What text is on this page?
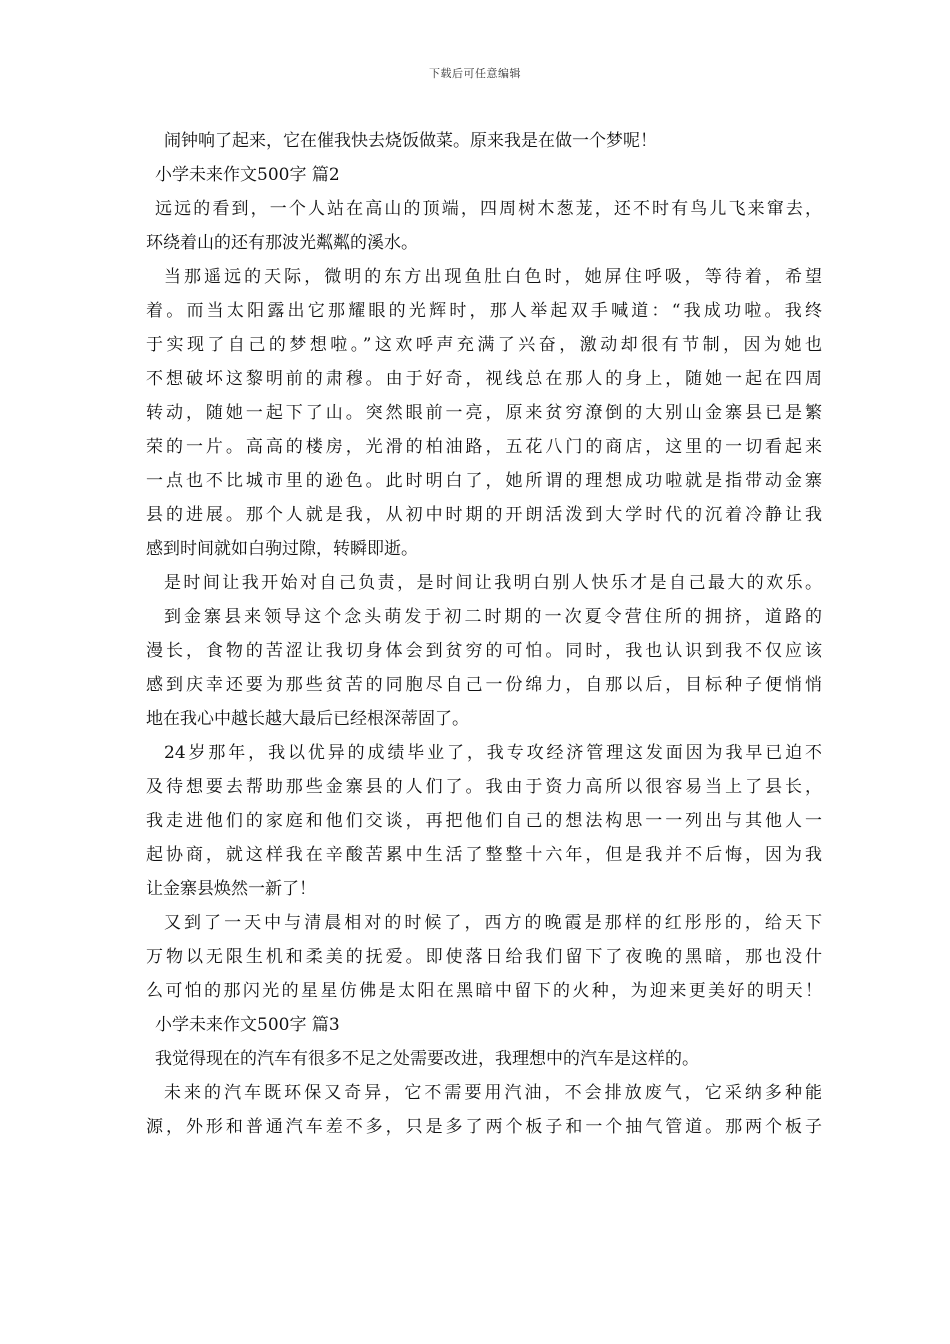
下载后可任意编辑
闹钟响了起来，它在催我快去烧饭做菜。原来我是在做一个梦呢！
小学未来作文500字 篇2
远远的看到，一个人站在高山的顶端，四周树木葱茏，还不时有鸟儿飞来窜去，
环绕着山的还有那波光粼粼的溪水。
当那遥远的天际，微明的东方出现鱼肚白色时，她屏住呼吸，等待着，希望
着。而当太阳露出它那耀眼的光辉时，那人举起双手喊道：“我成功啦。我终
于实现了自己的梦想啦。”这欢呼声充满了兴奋，激动却很有节制，因为她也
不想破坏这黎明前的肃穆。由于好奇，视线总在那人的身上，随她一起在四周
转动，随她一起下了山。突然眼前一亮，原来贫穷潦倒的大别山金寨县已是繁
荣的一片。高高的楼房，光滑的柏油路，五花八门的商店，这里的一切看起来
一点也不比城市里的逊色。此时明白了，她所谓的理想成功啦就是指带动金寨
县的进展。那个人就是我，从初中时期的开朗活泼到大学时代的沉着冷静让我
感到时间就如白驹过隙，转瞬即逝。
是时间让我开始对自己负责，是时间让我明白别人快乐才是自己最大的欢乐。
到金寨县来领导这个念头萌发于初二时期的一次夏令营住所的拥挤，道路的
漫长，食物的苦涩让我切身体会到贫穷的可怕。同时，我也认识到我不仅应该
感到庆幸还要为那些贫苦的同胞尽自己一份绵力，自那以后，目标种子便悄悄
地在我心中越长越大最后已经根深蒂固了。
24岁那年，我以优异的成绩毕业了，我专攻经济管理这发面因为我早已迫不
及待想要去帮助那些金寨县的人们了。我由于资力高所以很容易当上了县长，
我走进他们的家庭和他们交谈，再把他们自己的想法构思一一列出与其他人一
起协商，就这样我在辛酸苦累中生活了整整十六年，但是我并不后悔，因为我
让金寨县焕然一新了！
又到了一天中与清晨相对的时候了，西方的晚霞是那样的红彤彤的，给天下
万物以无限生机和柔美的抚爱。即使落日给我们留下了夜晚的黑暗，那也没什
么可怕的那闪光的星星仿佛是太阳在黑暗中留下的火种，为迎来更美好的明天！
小学未来作文500字 篇3
我觉得现在的汽车有很多不足之处需要改进，我理想中的汽车是这样的。
未来的汽车既环保又奇异，它不需要用汽油，不会排放废气，它采纳多种能
源，外形和普通汽车差不多，只是多了两个板子和一个抽气管道。那两个板子
